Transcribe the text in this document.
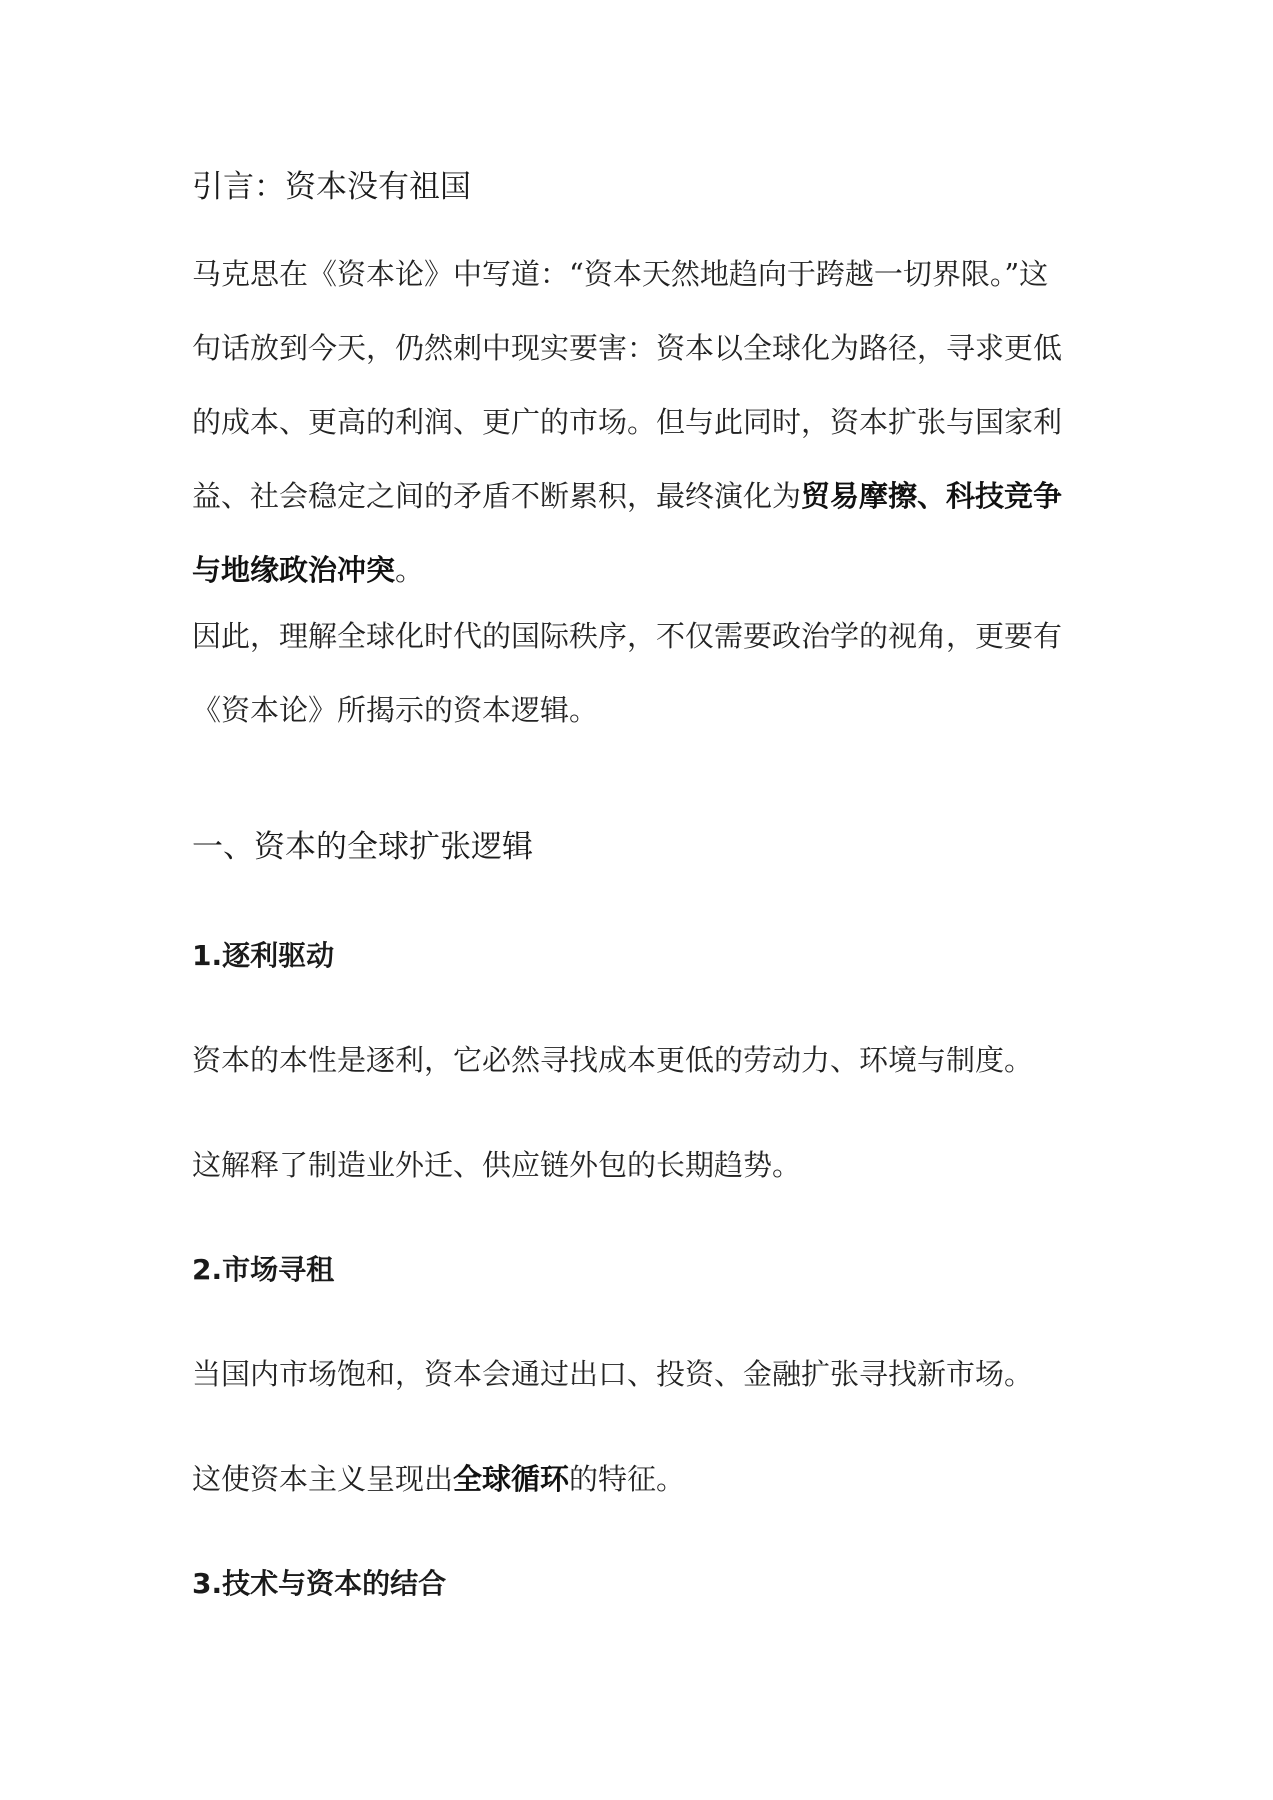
引言：资本没有祖国
马克思在《资本论》中写道：“资本天然地趋向于跨越一切界限。”这
句话放到今天，仍然刺中现实要害：资本以全球化为路径，寻求更低
的成本、更高的利润、更广的市场。但与此同时，资本扩张与国家利
益、社会稳定之间的矛盾不断累积，最终演化为贸易摩擦、科技竞争
与地缘政治冲突。
因此，理解全球化时代的国际秩序，不仅需要政治学的视角，更要有
《资本论》所揭示的资本逻辑。
一、资本的全球扩张逻辑
1.逐利驱动
资本的本性是逐利，它必然寻找成本更低的劳动力、环境与制度。
这解释了制造业外迁、供应链外包的长期趋势。
2.市场寻租
当国内市场饱和，资本会通过出口、投资、金融扩张寻找新市场。
这使资本主义呈现出全球循环的特征。
3.技术与资本的结合
